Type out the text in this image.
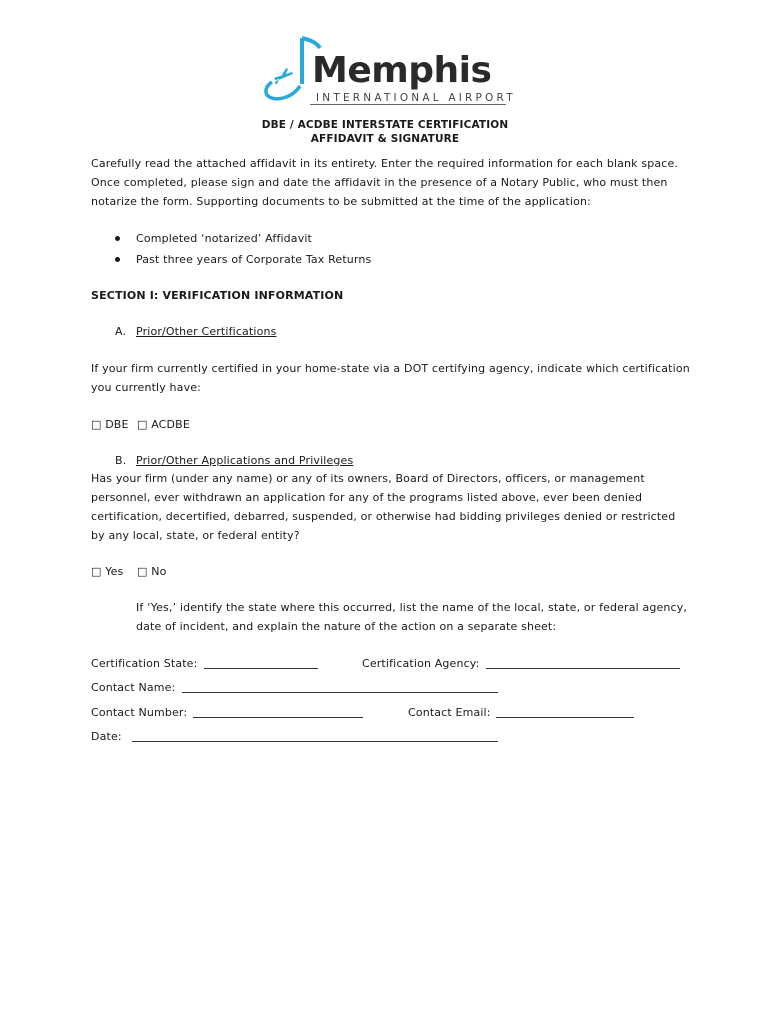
Memphis
INTERNATIONAL AIRPORT
DBE / ACDBE INTERSTATE CERTIFICATION
AFFIDAVIT & SIGNATURE
Carefully read the attached affidavit in its entirety. Enter the required information for each blank space.
Once completed, please sign and date the affidavit in the presence of a Notary Public, who must then
notarize the form. Supporting documents to be submitted at the time of the application:
Completed ‘notarized’ Affidavit
Past three years of Corporate Tax Returns
SECTION I: VERIFICATION INFORMATION
A. Prior/Other Certifications
If your firm currently certified in your home-state via a DOT certifying agency, indicate which certification
you currently have:
□ DBE □ ACDBE
B. Prior/Other Applications and Privileges
Has your firm (under any name) or any of its owners, Board of Directors, officers, or management
personnel, ever withdrawn an application for any of the programs listed above, ever been denied
certification, decertified, debarred, suspended, or otherwise had bidding privileges denied or restricted
by any local, state, or federal entity?
□ Yes □ No
If ‘Yes,’ identify the state where this occurred, list the name of the local, state, or federal agency,
date of incident, and explain the nature of the action on a separate sheet:
Certification State:	Certification Agency:
Contact Name:
Contact Number:	Contact Email:
Date:
